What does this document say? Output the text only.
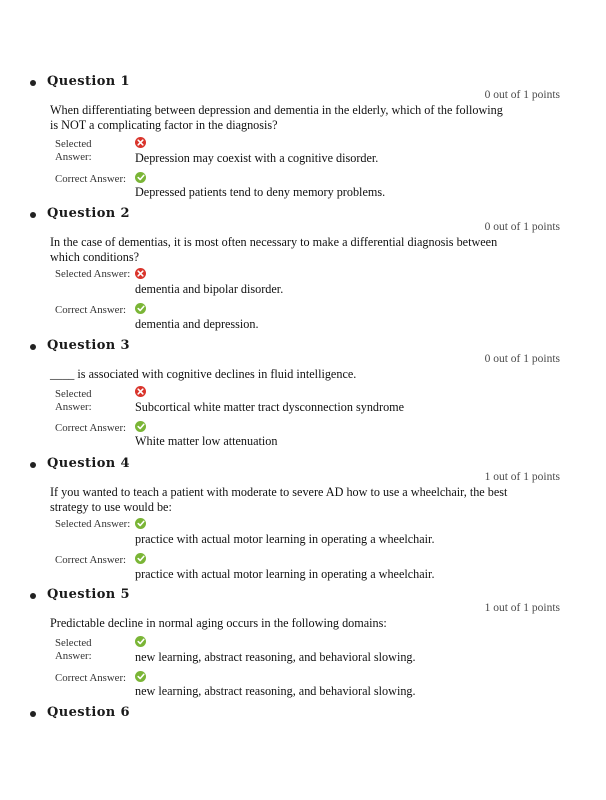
Question 1
0 out of 1 points
When differentiating between depression and dementia in the elderly, which of the following is NOT a complicating factor in the diagnosis?
Selected Answer:	Depression may coexist with a cognitive disorder.
Correct Answer:
Depressed patients tend to deny memory problems.
Question 2
0 out of 1 points
In the case of dementias, it is most often necessary to make a differential diagnosis between which conditions?
Selected Answer:
dementia and bipolar disorder.
Correct Answer:
dementia and depression.
Question 3
0 out of 1 points
____ is associated with cognitive declines in fluid intelligence.
Selected Answer:	Subcortical white matter tract dysconnection syndrome
Correct Answer:
White matter low attenuation
Question 4
1 out of 1 points
If you wanted to teach a patient with moderate to severe AD how to use a wheelchair, the best strategy to use would be:
Selected Answer:
practice with actual motor learning in operating a wheelchair.
Correct Answer:
practice with actual motor learning in operating a wheelchair.
Question 5
1 out of 1 points
Predictable decline in normal aging occurs in the following domains:
Selected Answer:	new learning, abstract reasoning, and behavioral slowing.
Correct Answer:
new learning, abstract reasoning, and behavioral slowing.
Question 6
